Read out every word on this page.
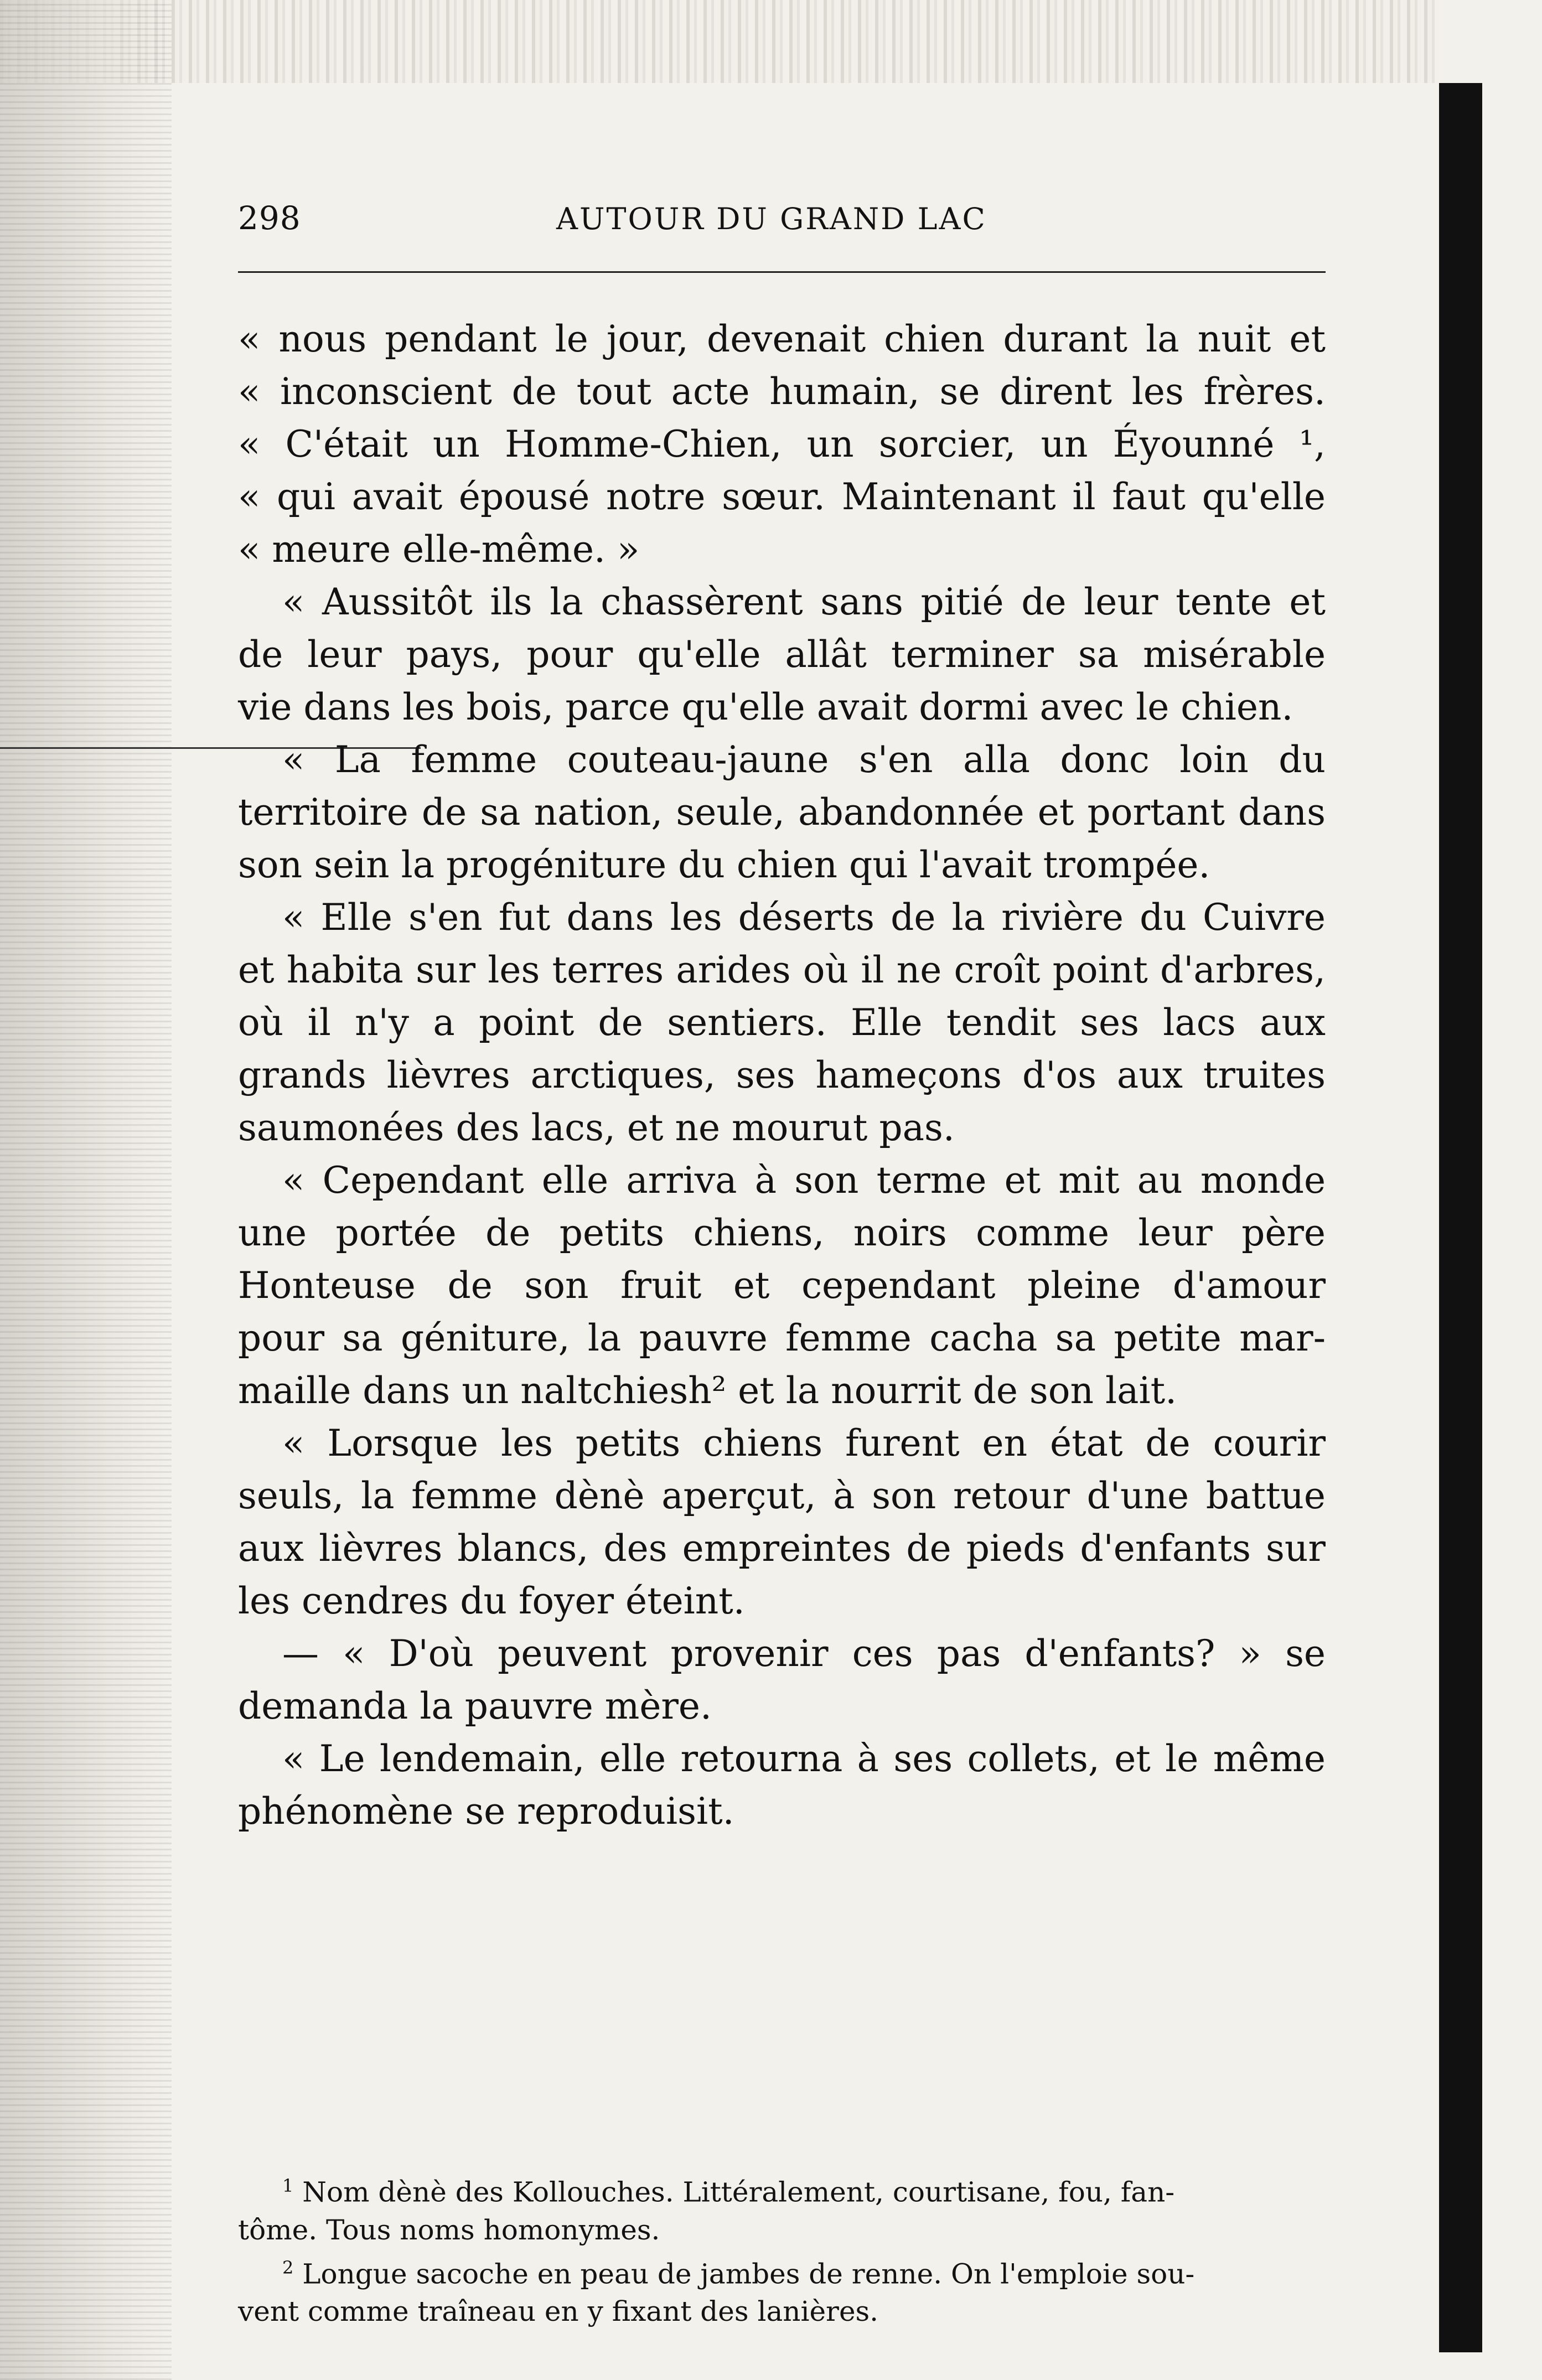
298	AUTOUR DU GRAND LAC
« nous pendant le jour, devenait chien durant la nuit et
« inconscient de tout acte humain, se dirent les frères.
« C'était un Homme-Chien, un sorcier, un Éyounné ¹,
« qui avait épousé notre sœur. Maintenant il faut qu'elle
« meure elle-même. »
« Aussitôt ils la chassèrent sans pitié de leur tente et
de leur pays, pour qu'elle allât terminer sa misérable
vie dans les bois, parce qu'elle avait dormi avec le chien.
« La femme couteau-jaune s'en alla donc loin du
territoire de sa nation, seule, abandonnée et portant dans
son sein la progéniture du chien qui l'avait trompée.
« Elle s'en fut dans les déserts de la rivière du Cuivre
et habita sur les terres arides où il ne croît point d'arbres,
où il n'y a point de sentiers. Elle tendit ses lacs aux
grands lièvres arctiques, ses hameçons d'os aux truites
saumonées des lacs, et ne mourut pas.
« Cependant elle arriva à son terme et mit au monde
une portée de petits chiens, noirs comme leur père
Honteuse de son fruit et cependant pleine d'amour
pour sa géniture, la pauvre femme cacha sa petite mar-
maille dans un naltchiesh² et la nourrit de son lait.
« Lorsque les petits chiens furent en état de courir
seuls, la femme dènè aperçut, à son retour d'une battue
aux lièvres blancs, des empreintes de pieds d'enfants sur
les cendres du foyer éteint.
— « D'où peuvent provenir ces pas d'enfants? » se
demanda la pauvre mère.
« Le lendemain, elle retourna à ses collets, et le même
phénomène se reproduisit.
$^1$ Nom dènè des Kollouches. Littéralement, courtisane, fou, fan-
tôme. Tous noms homonymes.
$^2$ Longue sacoche en peau de jambes de renne. On l'emploie sou-
vent comme traîneau en y fixant des lanières.
